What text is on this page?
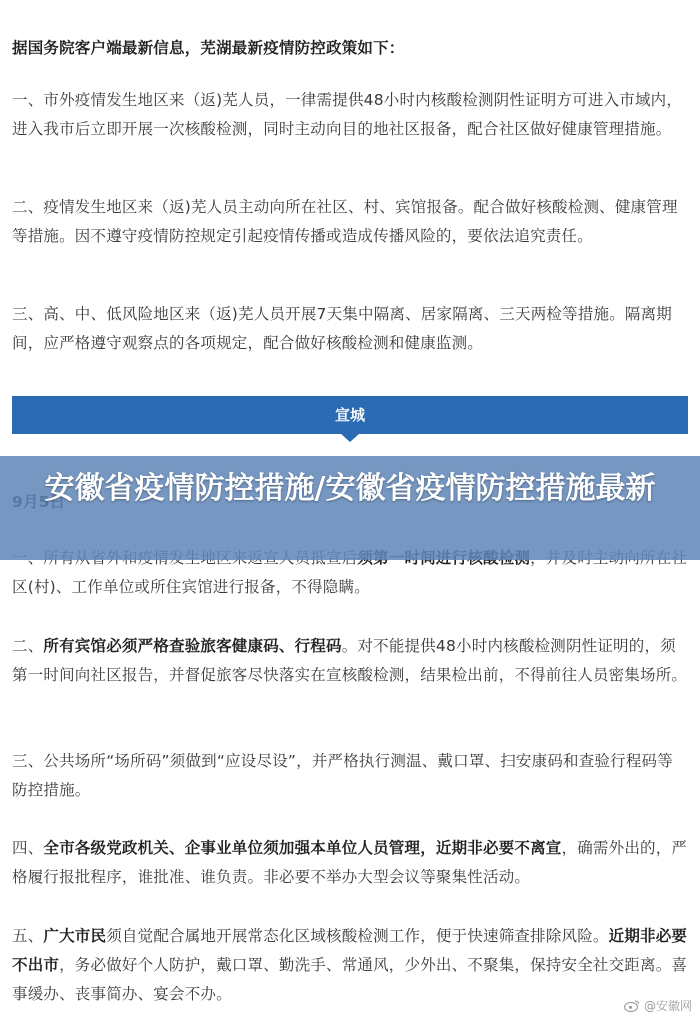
据国务院客户端最新信息，芜湖最新疫情防控政策如下：

一、市外疫情发生地区来（返)芜人员，一律需提供48小时内核酸检测阴性证明方可进入市域内，进入我市后立即开展一次核酸检测，同时主动向目的地社区报备，配合社区做好健康管理措施。

二、疫情发生地区来（返)芜人员主动向所在社区、村、宾馆报备。配合做好核酸检测、健康管理等措施。因不遵守疫情防控规定引起疫情传播或造成传播风险的，要依法追究责任。

三、高、中、低风险地区来（返)芜人员开展7天集中隔离、居家隔离、三天两检等措施。隔离期间，应严格遵守观察点的各项规定，配合做好核酸检测和健康监测。

宣城

区(村)、工作单位或所住宾馆进行报备，不得隐瞒。

二、所有宾馆必须严格查验旅客健康码、行程码。对不能提供48小时内核酸检测阴性证明的，须第一时间向社区报告，并督促旅客尽快落实在宣核酸检测，结果检出前，不得前往人员密集场所。

三、公共场所“场所码”须做到“应设尽设”，并严格执行测温、戴口罩、扫安康码和查验行程码等防控措施。

四、全市各级党政机关、企事业单位须加强本单位人员管理，近期非必要不离宣，确需外出的，严格履行报批程序，谁批准、谁负责。非必要不举办大型会议等聚集性活动。

五、广大市民须自觉配合属地开展常态化区域核酸检测工作，便于快速筛查排除风险。近期非必要不出市，务必做好个人防护，戴口罩、勤洗手、常通风，少外出、不聚集，保持安全社交距离。喜事缓办、丧事简办、宴会不办。

安徽省疫情防控措施/安徽省疫情防控措施最新
@安徽网
